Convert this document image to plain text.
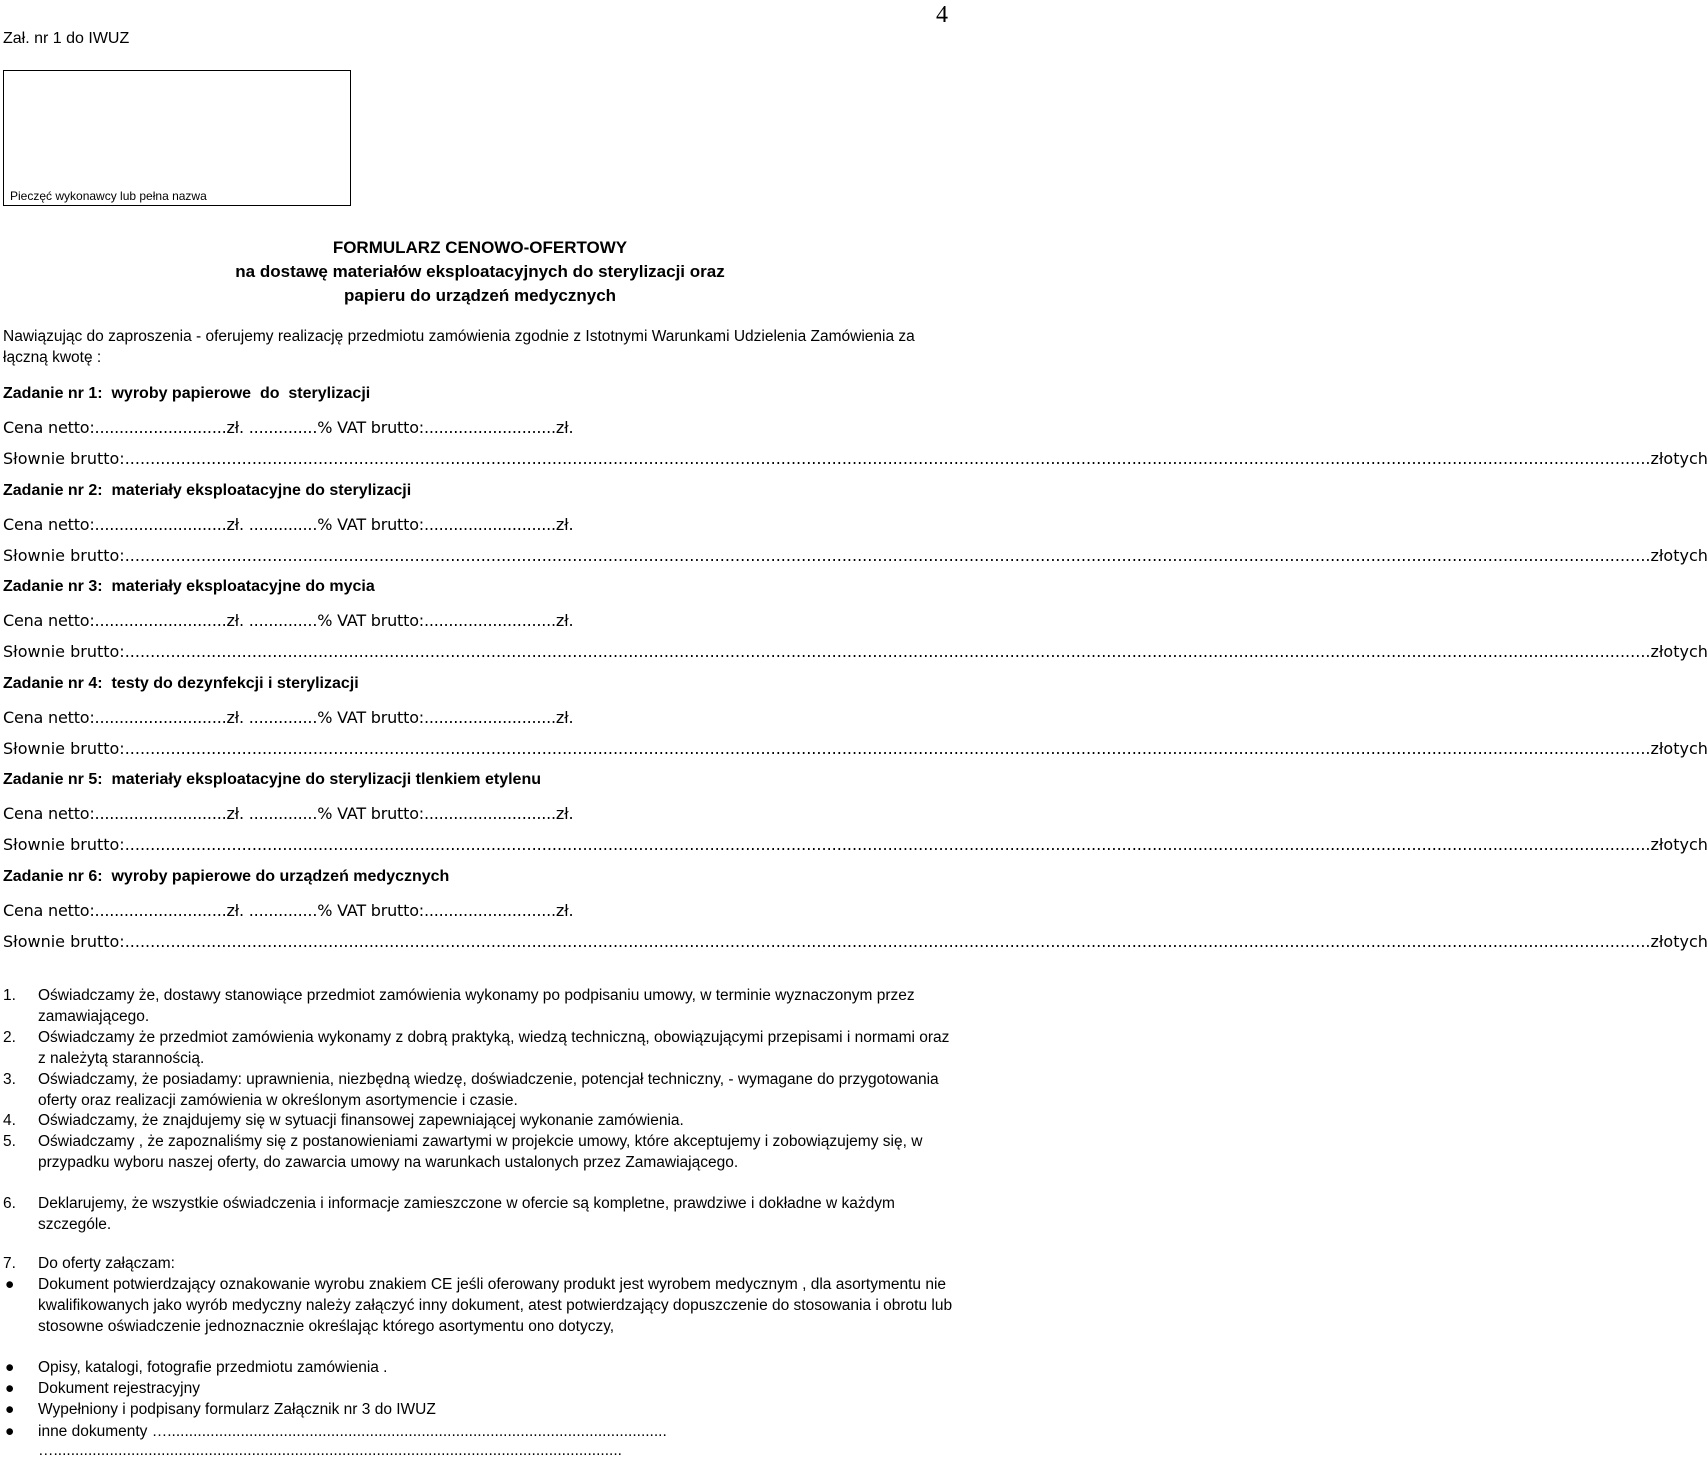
Zał. nr 1 do IWUZ
4
Pieczęć wykonawcy lub pełna nazwa
FORMULARZ CENOWO-OFERTOWY
na dostawę materiałów eksploatacyjnych do sterylizacji oraz
papieru do urządzeń medycznych
Nawiązując do zaproszenia - oferujemy realizację przedmiotu zamówienia zgodnie z Istotnymi Warunkami Udzielenia Zamówienia za łączną kwotę :
Zadanie nr 1:  wyroby papierowe  do  sterylizacji
Cena netto:...........................zł. ..............% VAT brutto:...........................zł.
Słownie brutto: ............................................................................................................................................................................................................................................................................................................ złotych
Zadanie nr 2:  materiały eksploatacyjne do sterylizacji
Cena netto:...........................zł. ..............% VAT brutto:...........................zł.
Słownie brutto: ............................................................................................................................................................................................................................................................................................................ złotych
Zadanie nr 3:  materiały eksploatacyjne do mycia
Cena netto:...........................zł. ..............% VAT brutto:...........................zł.
Słownie brutto: ............................................................................................................................................................................................................................................................................................................ złotych
Zadanie nr 4:  testy do dezynfekcji i sterylizacji
Cena netto:...........................zł. ..............% VAT brutto:...........................zł.
Słownie brutto: ............................................................................................................................................................................................................................................................................................................ złotych
Zadanie nr 5:  materiały eksploatacyjne do sterylizacji tlenkiem etylenu
Cena netto:...........................zł. ..............% VAT brutto:...........................zł.
Słownie brutto: ............................................................................................................................................................................................................................................................................................................ złotych
Zadanie nr 6:  wyroby papierowe do urządzeń medycznych
Cena netto:...........................zł. ..............% VAT brutto:...........................zł.
Słownie brutto: ............................................................................................................................................................................................................................................................................................................ złotych
1. Oświadczamy że, dostawy stanowiące przedmiot zamówienia wykonamy po podpisaniu umowy, w terminie wyznaczonym przez zamawiającego.
2. Oświadczamy że przedmiot zamówienia wykonamy z dobrą praktyką, wiedzą techniczną, obowiązującymi przepisami i normami oraz z należytą starannością.
3. Oświadczamy, że posiadamy: uprawnienia, niezbędną wiedzę, doświadczenie, potencjał techniczny, - wymagane do przygotowania oferty oraz realizacji zamówienia w określonym asortymencie i czasie.
4. Oświadczamy, że znajdujemy się w sytuacji finansowej zapewniającej wykonanie zamówienia.
5. Oświadczamy , że zapoznaliśmy się z postanowieniami zawartymi w projekcie umowy, które akceptujemy i zobowiązujemy się, w przypadku wyboru naszej oferty, do zawarcia umowy na warunkach ustalonych przez Zamawiającego.
6. Deklarujemy, że wszystkie oświadczenia i informacje zamieszczone w ofercie są kompletne, prawdziwe i dokładne w każdym szczególe.
7. Do oferty załączam:
● Dokument potwierdzający oznakowanie wyrobu znakiem CE jeśli oferowany produkt jest wyrobem medycznym , dla asortymentu nie kwalifikowanych jako wyrób medyczny należy załączyć inny dokument, atest potwierdzający dopuszczenie do stosowania i obrotu lub stosowne oświadczenie jednoznacznie określając którego asortymentu ono dotyczy,
● Opisy, katalogi, fotografie przedmiotu zamówienia .
● Dokument rejestracyjny
● Wypełniony i podpisany formularz Załącznik nr 3 do IWUZ
● inne dokumenty …....................................................................................................................
…....................................................................................................................................
